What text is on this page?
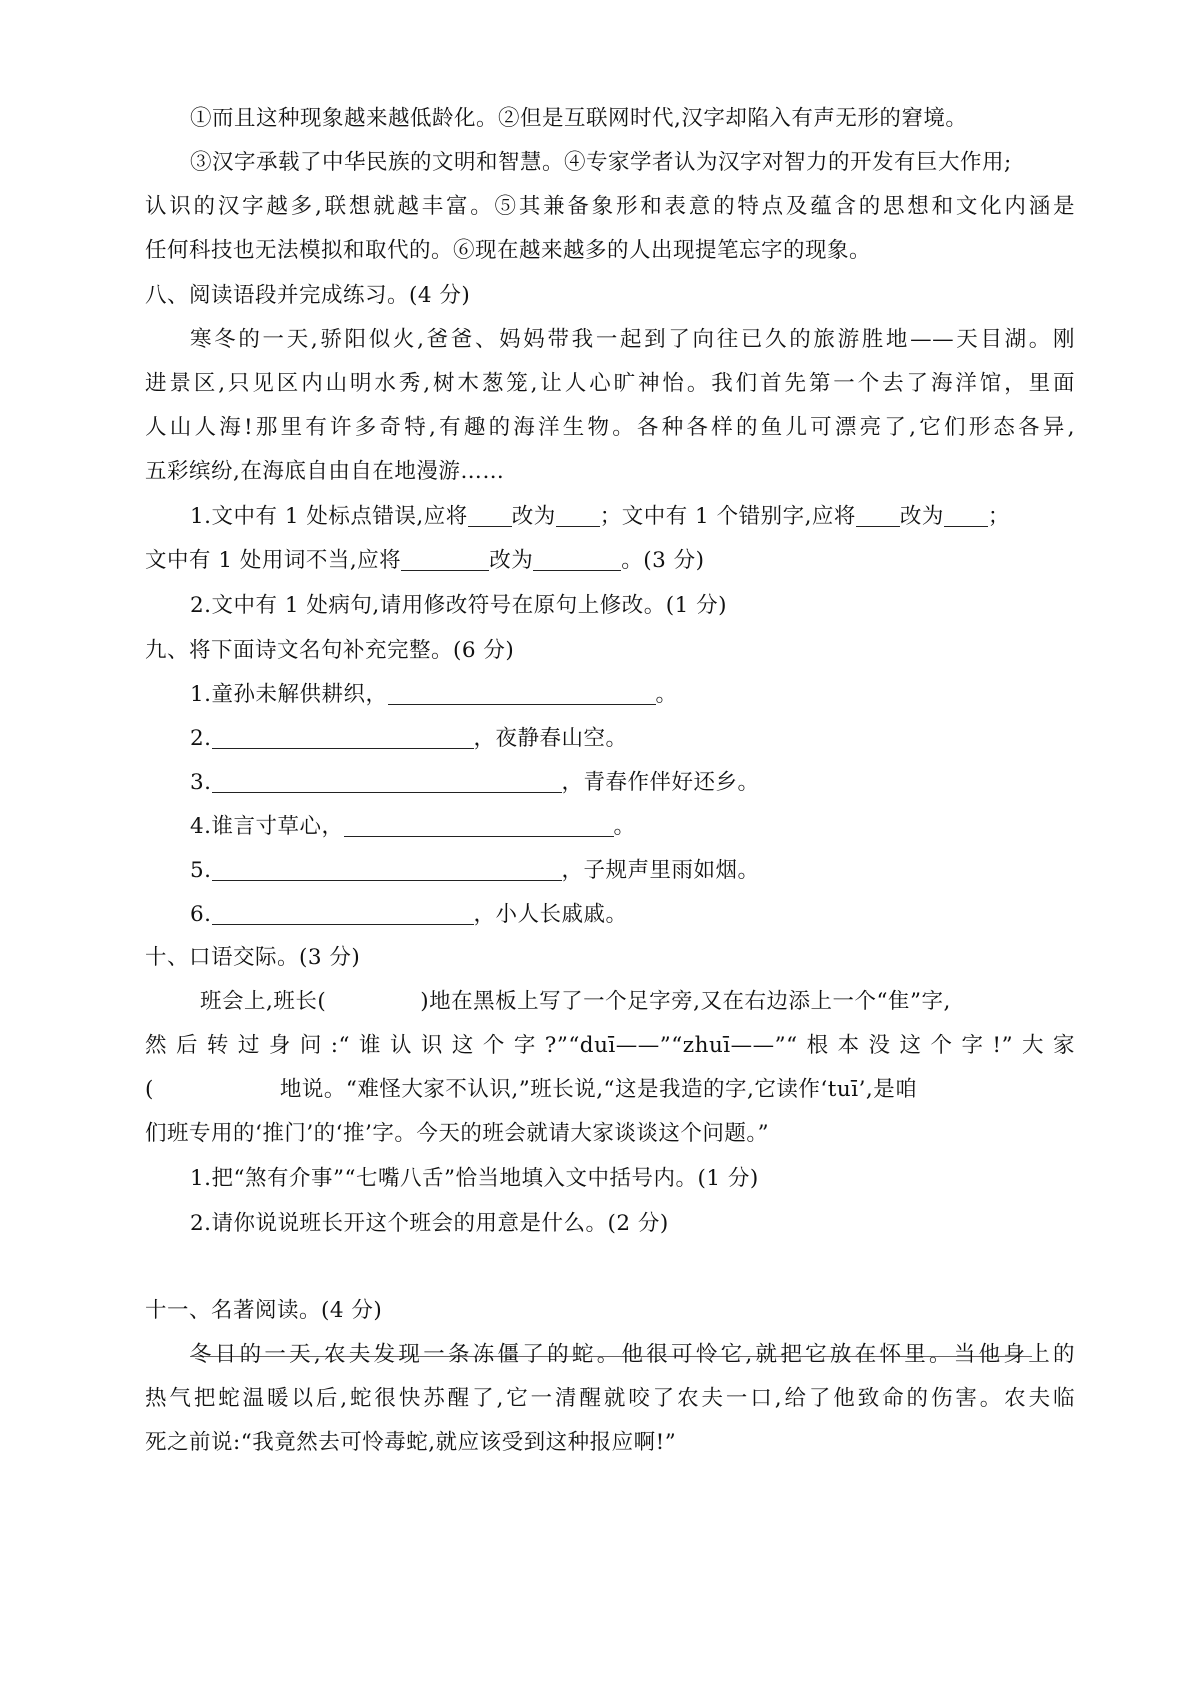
①而且这种现象越来越低龄化。②但是互联网时代,汉字却陷入有声无形的窘境。
③汉字承载了中华民族的文明和智慧。④专家学者认为汉字对智力的开发有巨大作用;
认识的汉字越多,联想就越丰富。⑤其兼备象形和表意的特点及蕴含的思想和文化内涵是
任何科技也无法模拟和取代的。⑥现在越来越多的人出现提笔忘字的现象。
八、阅读语段并完成练习。(4 分)
寒冬的一天,骄阳似火,爸爸、妈妈带我一起到了向往已久的旅游胜地——天目湖。刚
进景区,只见区内山明水秀,树木葱笼,让人心旷神怡。我们首先第一个去了海洋馆，里面
人山人海!那里有许多奇特,有趣的海洋生物。各种各样的鱼儿可漂亮了,它们形态各异,
五彩缤纷,在海底自由自在地漫游……
1.文中有 1 处标点错误,应将 改为 ；文中有 1 个错别字,应将 改为 ；
文中有 1 处用词不当,应将	改为	。(3 分)
2.文中有 1 处病句,请用修改符号在原句上修改。(1 分)
九、将下面诗文名句补充完整。(6 分)
1.童孙未解供耕织，	。
2.	，夜静春山空。
3.	，青春作伴好还乡。
4.谁言寸草心，	。
5.	，子规声里雨如烟。
6.	，小人长戚戚。
十、口语交际。(3 分)
班会上,班长(	)地在黑板上写了一个足字旁,又在右边添上一个“隹”字,
然后转过身问:“谁认识这个字?”“duī——”“zhuī——”“根本没这个字!”大家
(	地说。“难怪大家不认识,”班长说,“这是我造的字,它读作‘tuī’,是咱
们班专用的‘推门’的‘推’字。今天的班会就请大家谈谈这个问题。”
1.把“煞有介事”“七嘴八舌”恰当地填入文中括号内。(1 分)
2.请你说说班长开这个班会的用意是什么。(2 分)
十一、名著阅读。(4 分)
冬日的一天,农夫发现一条冻僵了的蛇。他很可怜它,就把它放在怀里。当他身上的
热气把蛇温暖以后,蛇很快苏醒了,它一清醒就咬了农夫一口,给了他致命的伤害。农夫临
死之前说:“我竟然去可怜毒蛇,就应该受到这种报应啊!”
